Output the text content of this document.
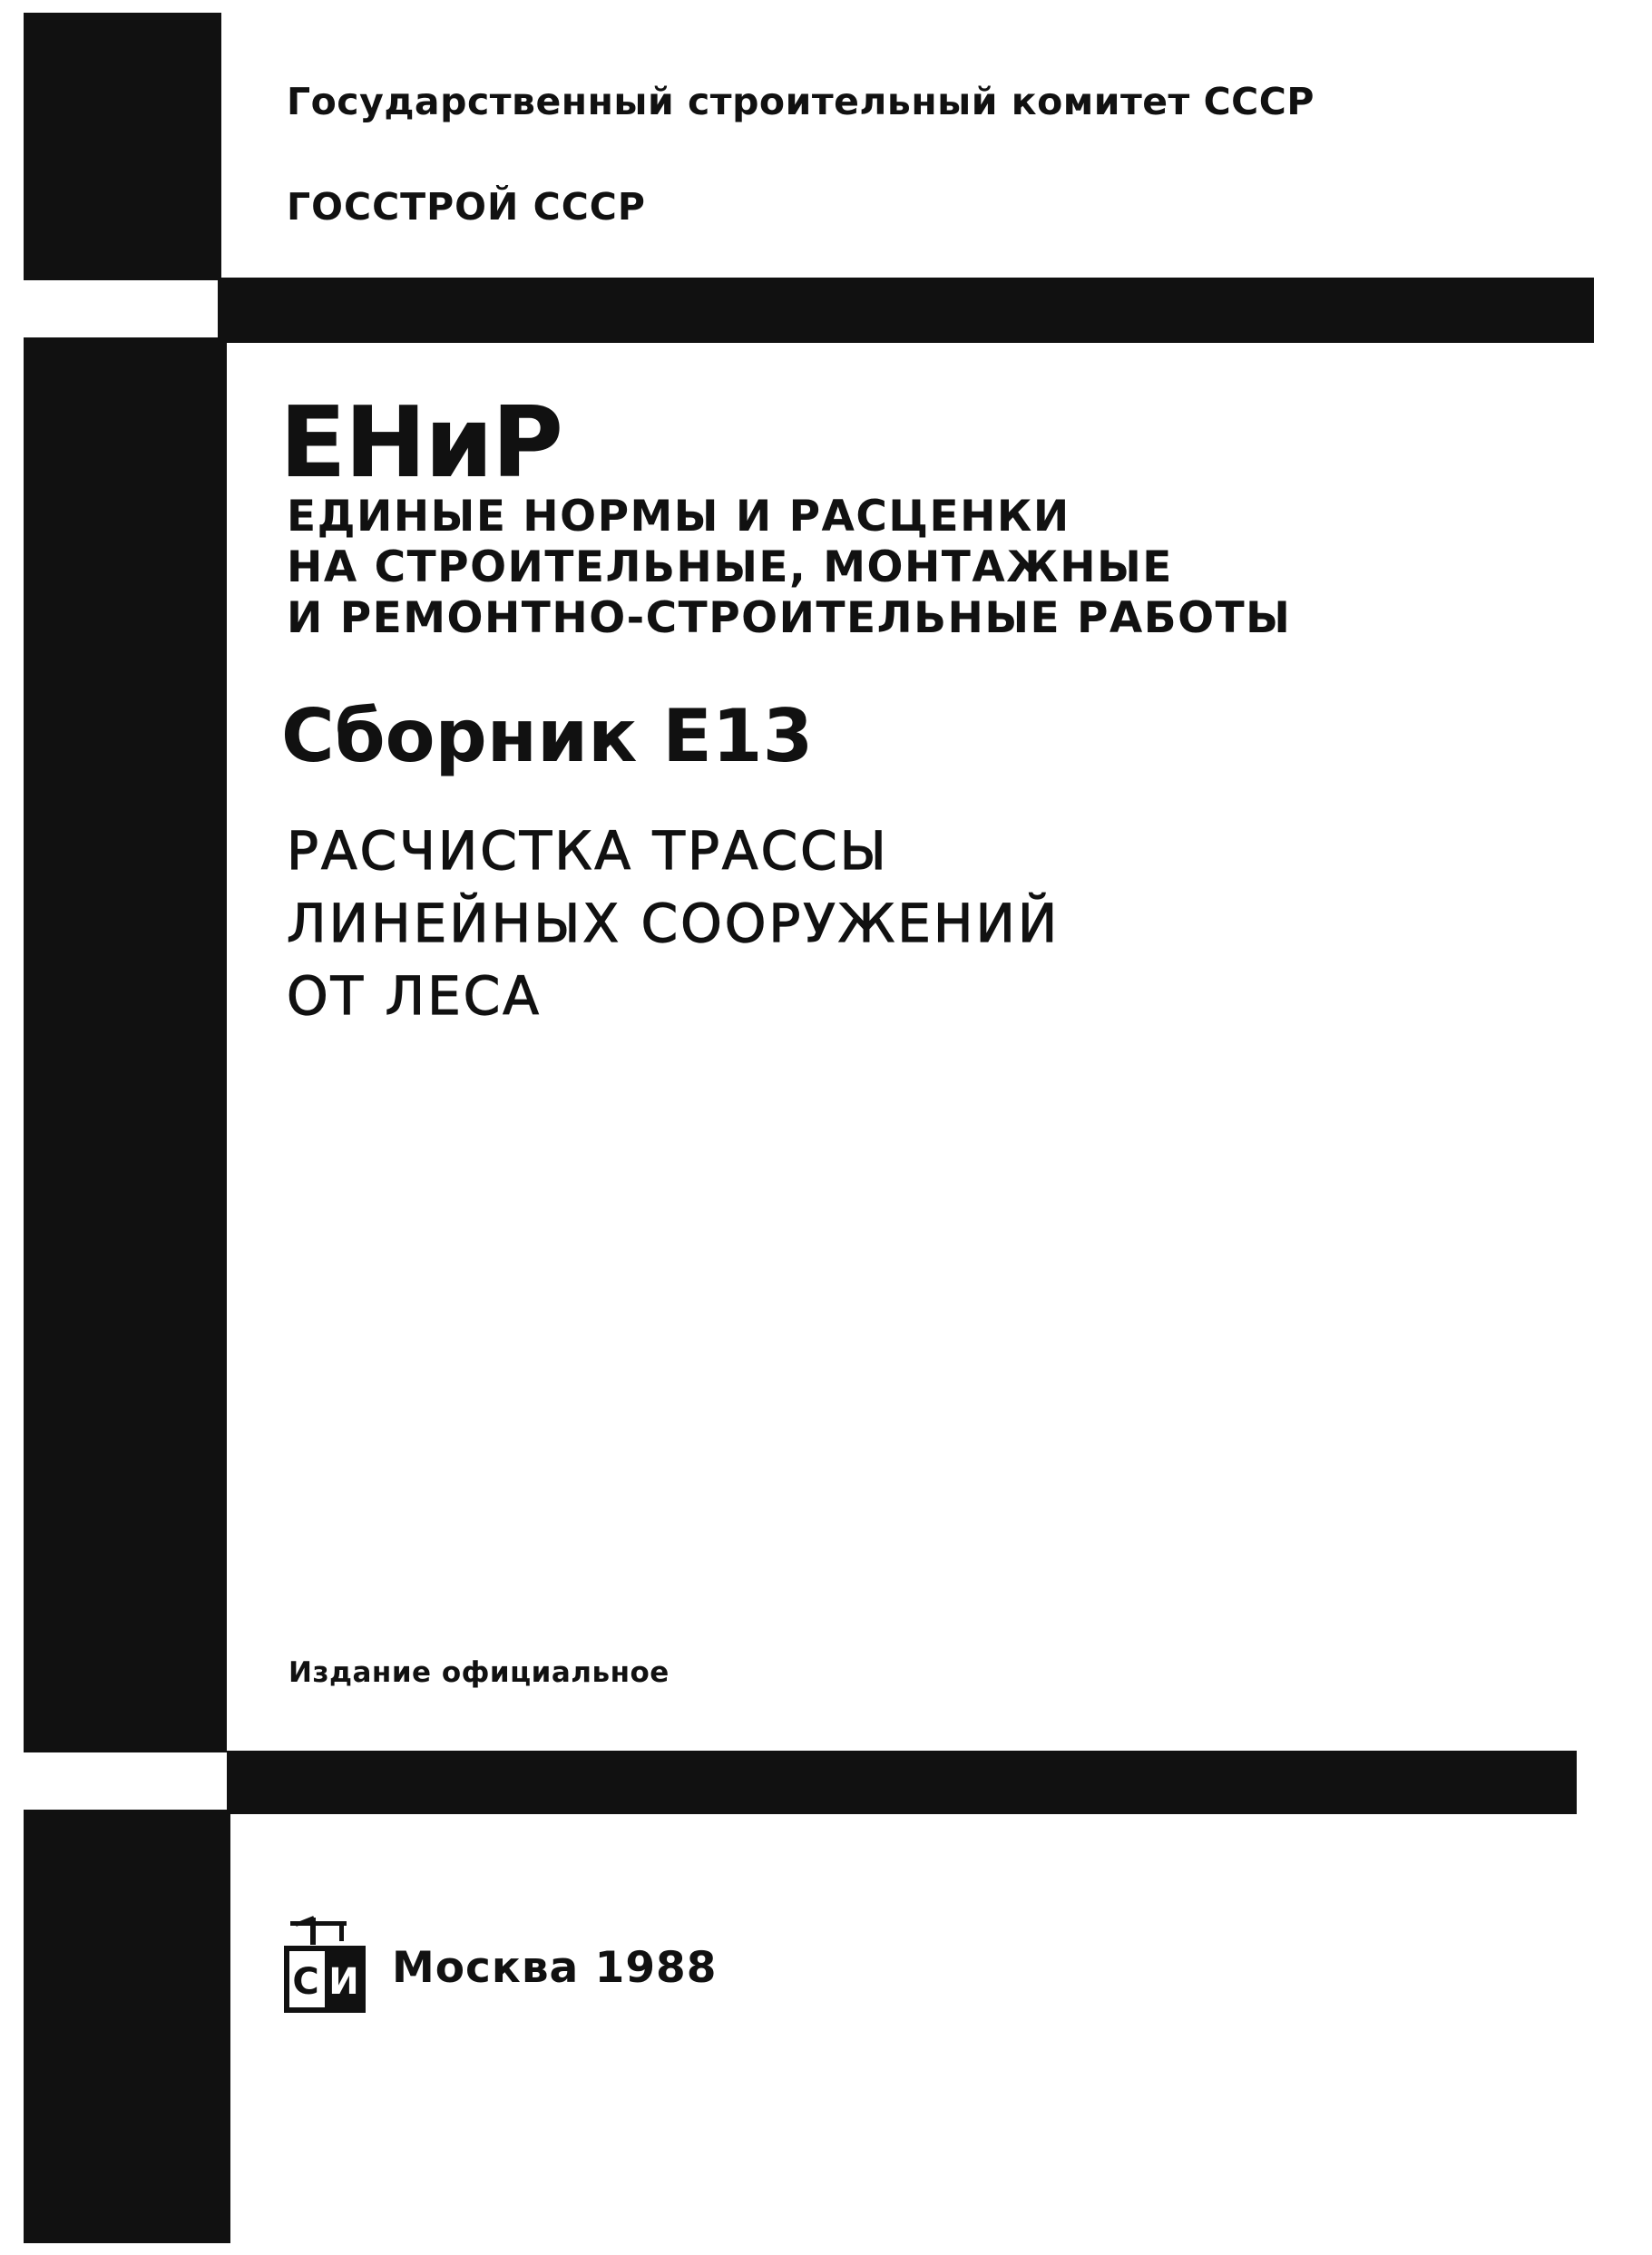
Государственный строительный комитет СССР
ГОССТРОЙ СССР
ЕНиР
ЕДИНЫЕ НОРМЫ И РАСЦЕНКИ
НА СТРОИТЕЛЬНЫЕ, МОНТАЖНЫЕ
И РЕМОНТНО-СТРОИТЕЛЬНЫЕ РАБОТЫ
Сборник Е13
РАСЧИСТКА ТРАССЫ
ЛИНЕЙНЫХ СООРУЖЕНИЙ
ОТ ЛЕСА
Издание официальное
С И Москва 1988
